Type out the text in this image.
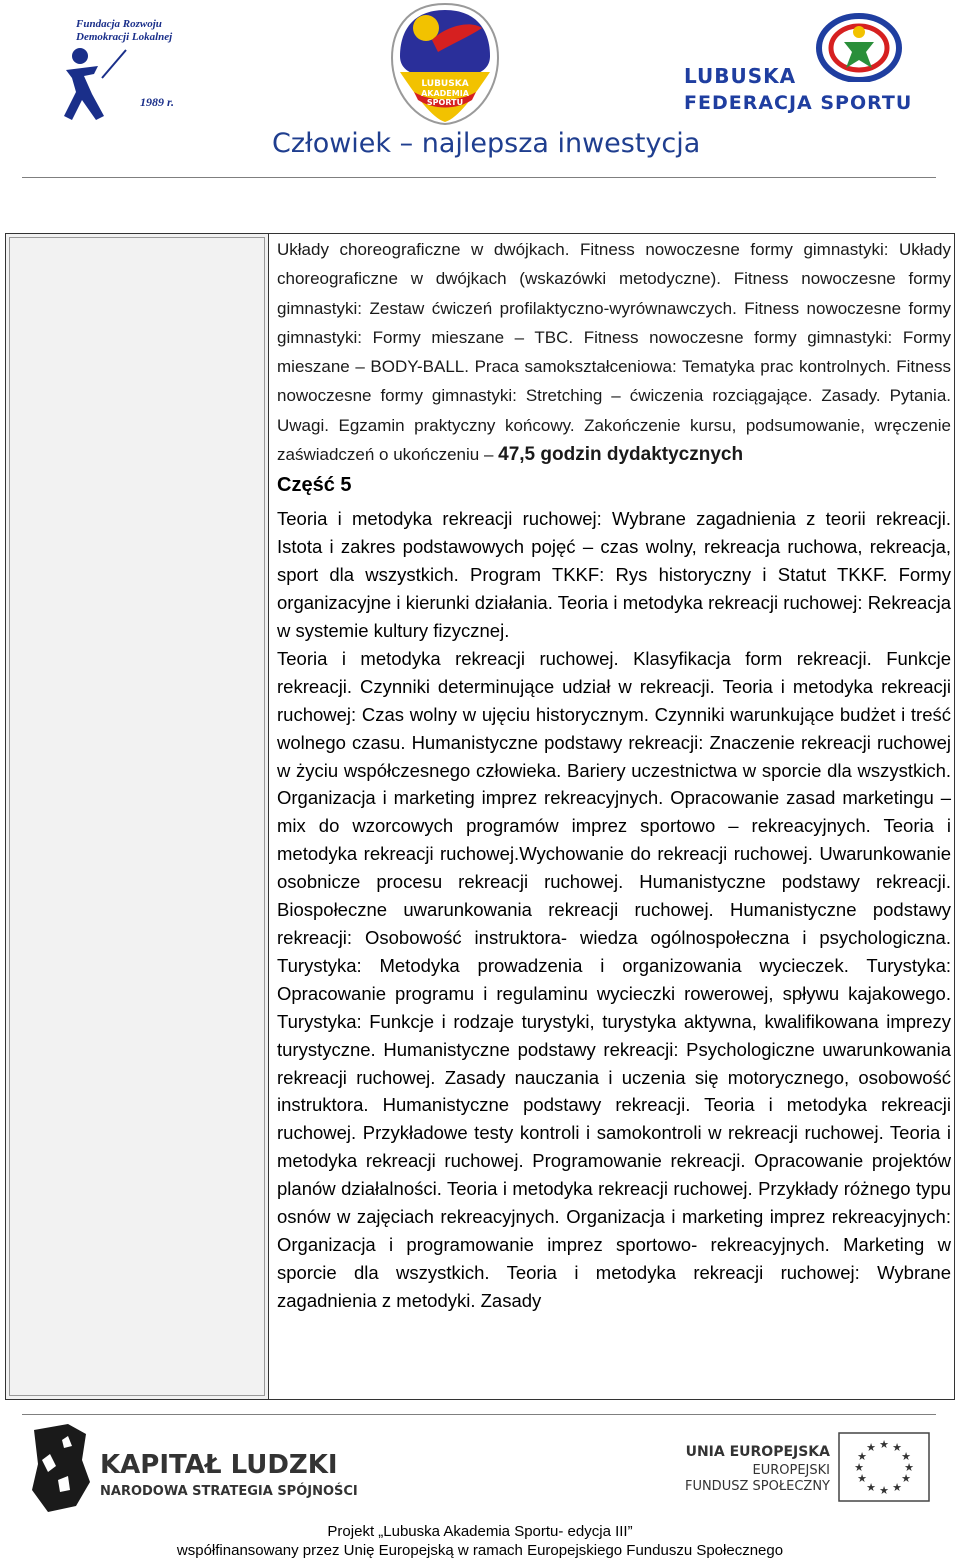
Fundacja Rozwoju
Demokracji Lokalnej
1989 r.
LUBUSKA
AKADEMIA
SPORTU
LUBUSKA
FEDERACJA SPORTU
Człowiek – najlepsza inwestycja

Układy choreograficzne w dwójkach. Fitness nowoczesne formy gimnastyki: Układy choreograficzne w dwójkach (wskazówki metodyczne). Fitness nowoczesne formy gimnastyki: Zestaw ćwiczeń profilaktyczno-wyrównawczych. Fitness nowoczesne formy gimnastyki: Formy mieszane – TBC. Fitness nowoczesne formy gimnastyki: Formy mieszane – BODY-BALL. Praca samokształceniowa: Tematyka prac kontrolnych. Fitness nowoczesne formy gimnastyki: Stretching – ćwiczenia rozciągające. Zasady. Pytania. Uwagi. Egzamin praktyczny końcowy. Zakończenie kursu, podsumowanie, wręczenie zaświadczeń o ukończeniu – 47,5 godzin dydaktycznych

Część 5

Teoria i metodyka rekreacji ruchowej: Wybrane zagadnienia z teorii rekreacji. Istota i zakres podstawowych pojęć – czas wolny, rekreacja ruchowa, rekreacja, sport dla wszystkich. Program TKKF: Rys historyczny i Statut TKKF. Formy organizacyjne i kierunki działania. Teoria i metodyka rekreacji ruchowej: Rekreacja w systemie kultury fizycznej.

Teoria i metodyka rekreacji ruchowej. Klasyfikacja form rekreacji. Funkcje rekreacji. Czynniki determinujące udział w rekreacji. Teoria i metodyka rekreacji ruchowej: Czas wolny w ujęciu historycznym. Czynniki warunkujące budżet i treść wolnego czasu. Humanistyczne podstawy rekreacji: Znaczenie rekreacji ruchowej w życiu współczesnego człowieka. Bariery uczestnictwa w sporcie dla wszystkich. Organizacja i marketing imprez rekreacyjnych. Opracowanie zasad marketingu – mix do wzorcowych programów imprez sportowo – rekreacyjnych. Teoria i metodyka rekreacji ruchowej.Wychowanie do rekreacji ruchowej. Uwarunkowanie osobnicze procesu rekreacji ruchowej. Humanistyczne podstawy rekreacji. Biospołeczne uwarunkowania rekreacji ruchowej. Humanistyczne podstawy rekreacji: Osobowość instruktora- wiedza ogólnospołeczna i psychologiczna. Turystyka: Metodyka prowadzenia i organizowania wycieczek. Turystyka: Opracowanie programu i regulaminu wycieczki rowerowej, spływu kajakowego. Turystyka: Funkcje i rodzaje turystyki, turystyka aktywna, kwalifikowana imprezy turystyczne. Humanistyczne podstawy rekreacji: Psychologiczne uwarunkowania rekreacji ruchowej. Zasady nauczania i uczenia się motorycznego, osobowość instruktora. Humanistyczne podstawy rekreacji. Teoria i metodyka rekreacji ruchowej. Przykładowe testy kontroli i samokontroli w rekreacji ruchowej. Teoria i metodyka rekreacji ruchowej. Programowanie rekreacji. Opracowanie projektów planów działalności. Teoria i metodyka rekreacji ruchowej. Przykłady różnego typu osnów w zajęciach rekreacyjnych. Organizacja i marketing imprez rekreacyjnych: Organizacja i programowanie imprez sportowo- rekreacyjnych. Marketing w sporcie dla wszystkich. Teoria i metodyka rekreacji ruchowej: Wybrane zagadnienia z metodyki. Zasady

KAPITAŁ LUDZKI
NARODOWA STRATEGIA SPÓJNOŚCI
UNIA EUROPEJSKA
EUROPEJSKI
FUNDUSZ SPOŁECZNY
★ ★
★
★
★
★
★
★
★
★
★
★
Projekt „Lubuska Akademia Sportu- edycja III”
współfinansowany przez Unię Europejską w ramach Europejskiego Funduszu Społecznego
